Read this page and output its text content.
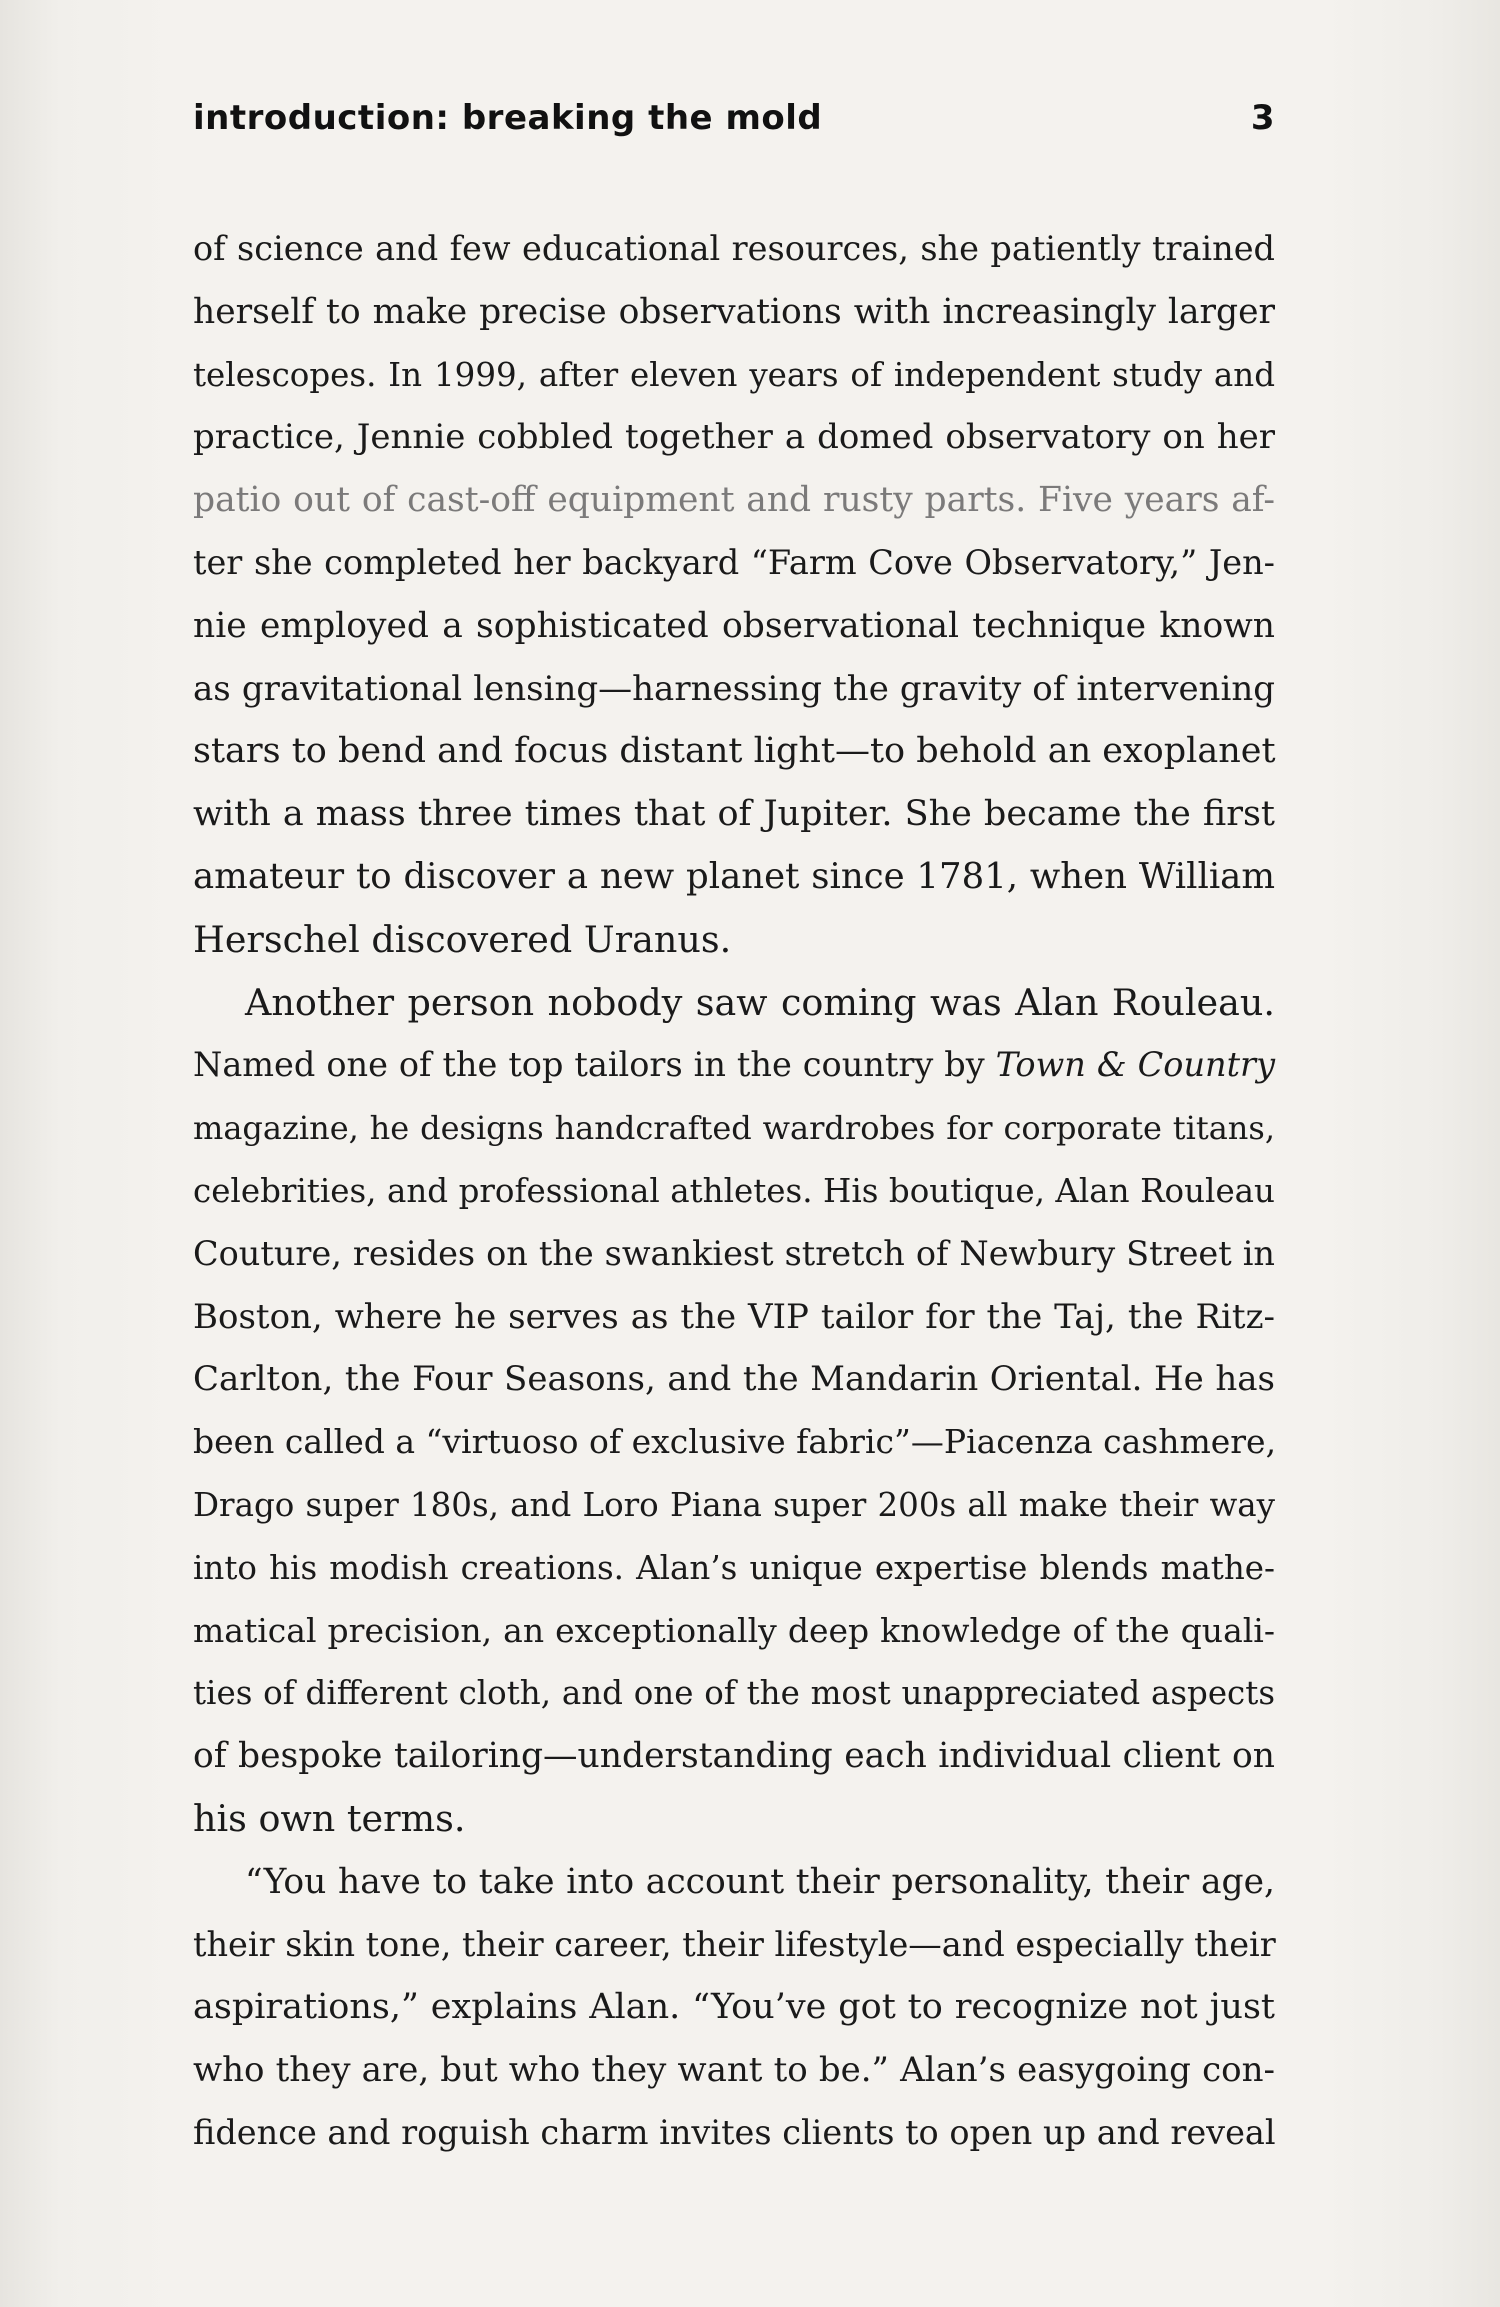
introduction: breaking the mold	3
of science and few educational resources, she patiently trained
herself to make precise observations with increasingly larger
telescopes. In 1999, after eleven years of independent study and
practice, Jennie cobbled together a domed observatory on her
patio out of cast-off equipment and rusty parts. Five years af-
ter she completed her backyard “Farm Cove Observatory,” Jen-
nie employed a sophisticated observational technique known
as gravitational lensing—harnessing the gravity of intervening
stars to bend and focus distant light—to behold an exoplanet
with a mass three times that of Jupiter. She became the first
amateur to discover a new planet since 1781, when William
Herschel discovered Uranus.
Another person nobody saw coming was Alan Rouleau.
Named one of the top tailors in the country by Town & Country
magazine, he designs handcrafted wardrobes for corporate titans,
celebrities, and professional athletes. His boutique, Alan Rouleau
Couture, resides on the swankiest stretch of Newbury Street in
Boston, where he serves as the VIP tailor for the Taj, the Ritz-
Carlton, the Four Seasons, and the Mandarin Oriental. He has
been called a “virtuoso of exclusive fabric”—Piacenza cashmere,
Drago super 180s, and Loro Piana super 200s all make their way
into his modish creations. Alan’s unique expertise blends mathe-
matical precision, an exceptionally deep knowledge of the quali-
ties of different cloth, and one of the most unappreciated aspects
of bespoke tailoring—understanding each individual client on
his own terms.
“You have to take into account their personality, their age,
their skin tone, their career, their lifestyle—and especially their
aspirations,” explains Alan. “You’ve got to recognize not just
who they are, but who they want to be.” Alan’s easygoing con-
fidence and roguish charm invites clients to open up and reveal
